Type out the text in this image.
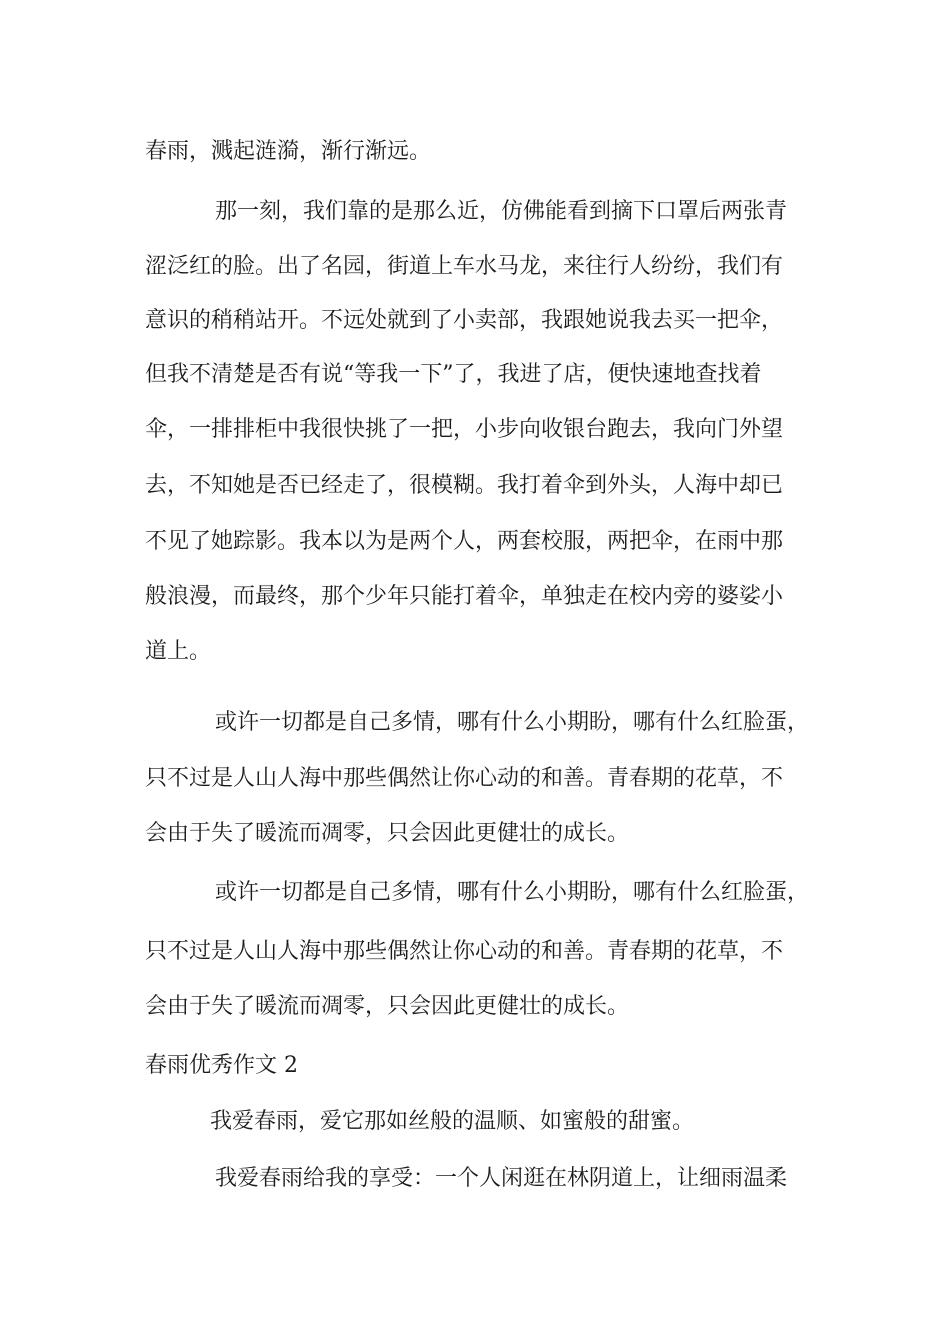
春雨，溅起涟漪，渐行渐远。
那一刻，我们靠的是那么近，仿佛能看到摘下口罩后两张青
涩泛红的脸。出了名园，街道上车水马龙，来往行人纷纷，我们有
意识的稍稍站开。不远处就到了小卖部，我跟她说我去买一把伞，
但我不清楚是否有说“等我一下”了，我进了店，便快速地查找着
伞，一排排柜中我很快挑了一把，小步向收银台跑去，我向门外望
去，不知她是否已经走了，很模糊。我打着伞到外头，人海中却已
不见了她踪影。我本以为是两个人，两套校服，两把伞，在雨中那
般浪漫，而最终，那个少年只能打着伞，单独走在校内旁的婆娑小
道上。
或许一切都是自己多情，哪有什么小期盼，哪有什么红脸蛋，
只不过是人山人海中那些偶然让你心动的和善。青春期的花草，不
会由于失了暖流而凋零，只会因此更健壮的成长。
或许一切都是自己多情，哪有什么小期盼，哪有什么红脸蛋，
只不过是人山人海中那些偶然让你心动的和善。青春期的花草，不
会由于失了暖流而凋零，只会因此更健壮的成长。
春雨优秀作文 2
我爱春雨，爱它那如丝般的温顺、如蜜般的甜蜜。
我爱春雨给我的享受：一个人闲逛在林阴道上，让细雨温柔
